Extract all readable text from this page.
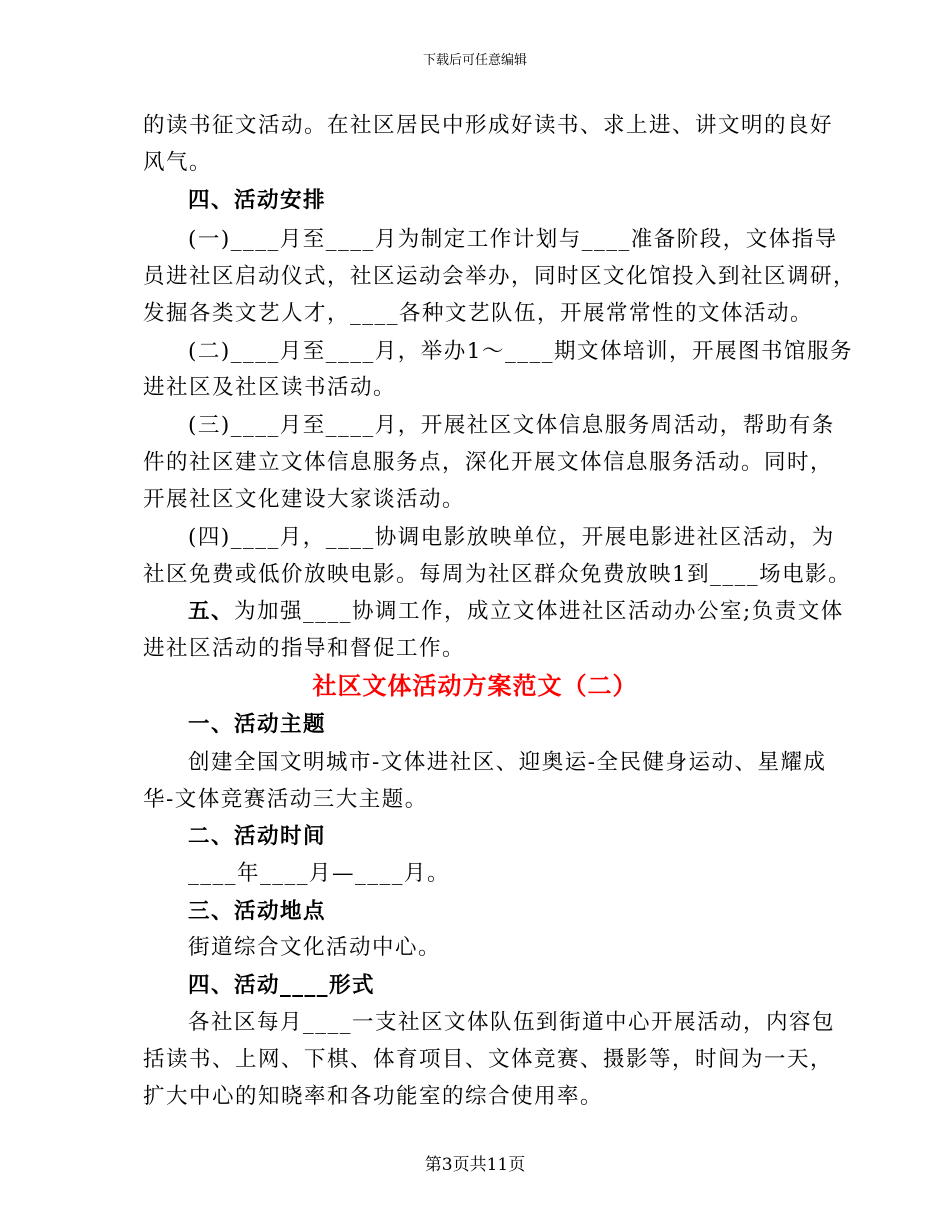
下载后可任意编辑

的读书征文活动。在社区居民中形成好读书、求上进、讲文明的良好

风气。

四、活动安排

(一)____月至____月为制定工作计划与____准备阶段，文体指导

员进社区启动仪式，社区运动会举办，同时区文化馆投入到社区调研，

发掘各类文艺人才，____各种文艺队伍，开展常常性的文体活动。

(二)____月至____月，举办1～____期文体培训，开展图书馆服务

进社区及社区读书活动。

(三)____月至____月，开展社区文体信息服务周活动，帮助有条

件的社区建立文体信息服务点，深化开展文体信息服务活动。同时，

开展社区文化建设大家谈活动。

(四)____月，____协调电影放映单位，开展电影进社区活动，为

社区免费或低价放映电影。每周为社区群众免费放映1到____场电影。

五、为加强____协调工作，成立文体进社区活动办公室;负责文体

进社区活动的指导和督促工作。

社区文体活动方案范文（二）

一、活动主题

创建全国文明城市-文体进社区、迎奥运-全民健身运动、星耀成

华-文体竞赛活动三大主题。

二、活动时间

____年____月—____月。

三、活动地点

街道综合文化活动中心。

四、活动____形式

各社区每月____一支社区文体队伍到街道中心开展活动，内容包

括读书、上网、下棋、体育项目、文体竞赛、摄影等，时间为一天，

扩大中心的知晓率和各功能室的综合使用率。

第3页共11页
